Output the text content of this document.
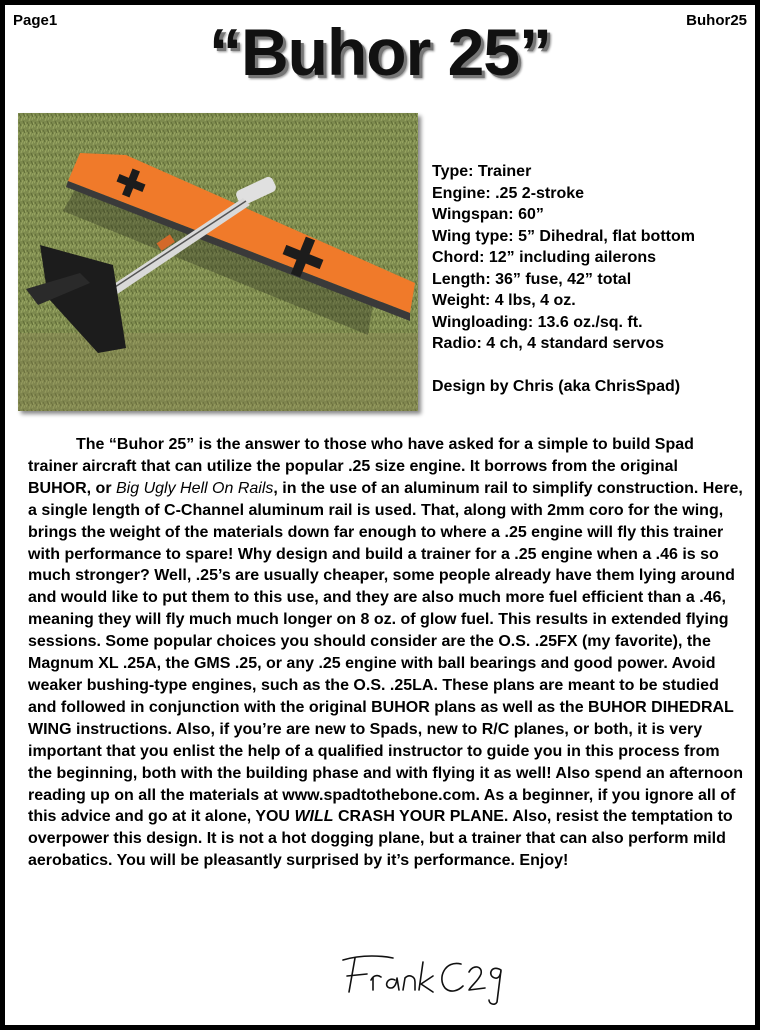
Page1	Buhor25
“Buhor 25”
Type: Trainer
Engine: .25 2-stroke
Wingspan: 60”
Wing type: 5” Dihedral, flat bottom
Chord: 12” including ailerons
Length: 36” fuse, 42” total
Weight: 4 lbs, 4 oz.
Wingloading: 13.6 oz./sq. ft.
Radio: 4 ch, 4 standard servos
Design by Chris (aka ChrisSpad)
The “Buhor 25” is the answer to those who have asked for a simple to build Spad trainer aircraft that can utilize the popular .25 size engine. It borrows from the original BUHOR, or Big Ugly Hell On Rails, in the use of an aluminum rail to simplify construction. Here, a single length of C-Channel aluminum rail is used. That, along with 2mm coro for the wing, brings the weight of the materials down far enough to where a .25 engine will fly this trainer with performance to spare! Why design and build a trainer for a .25 engine when a .46 is so much stronger? Well, .25’s are usually cheaper, some people already have them lying around and would like to put them to this use, and they are also much more fuel efficient than a .46, meaning they will fly much much longer on 8 oz. of glow fuel. This results in extended flying sessions. Some popular choices you should consider are the O.S. .25FX (my favorite), the Magnum XL .25A, the GMS .25, or any .25 engine with ball bearings and good power. Avoid weaker bushing-type engines, such as the O.S. .25LA. These plans are meant to be studied and followed in conjunction with the original BUHOR plans as well as the BUHOR DIHEDRAL WING instructions. Also, if you’re are new to Spads, new to R/C planes, or both, it is very important that you enlist the help of a qualified instructor to guide you in this process from the beginning, both with the building phase and with flying it as well! Also spend an afternoon reading up on all the materials at www.spadtothebone.com. As a beginner, if you ignore all of this advice and go at it alone, YOU WILL CRASH YOUR PLANE. Also, resist the temptation to overpower this design. It is not a hot dogging plane, but a trainer that can also perform mild aerobatics. You will be pleasantly surprised by it’s performance. Enjoy!
